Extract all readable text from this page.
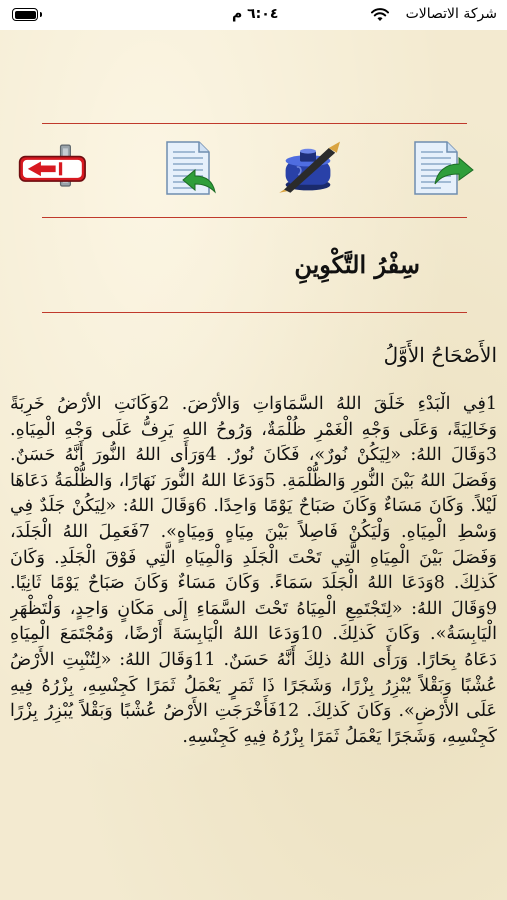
٦:٠٤ م	شركة الاتصالات
سِفْرُ التَّكْوِينِ
الأَصْحَاحُ الأَوَّلُ
1فِي الْبَدْءِ خَلَقَ اللهُ السَّمَاوَاتِ وَالأَرْضَ. 2وَكَانَتِ الأَرْضُ خَرِبَةً وَخَالِيَةً، وَعَلَى وَجْهِ الْغَمْرِ ظُلْمَةٌ، وَرُوحُ اللهِ يَرِفُّ عَلَى وَجْهِ الْمِيَاهِ. 3وَقَالَ اللهُ: «لِيَكُنْ نُورٌ»، فَكَانَ نُورٌ. 4وَرَأَى اللهُ النُّورَ أَنَّهُ حَسَنٌ. وَفَصَلَ اللهُ بَيْنَ النُّورِ وَالظُّلْمَةِ. 5وَدَعَا اللهُ النُّورَ نَهَارًا، وَالظُّلْمَةُ دَعَاهَا لَيْلاً. وَكَانَ مَسَاءٌ وَكَانَ صَبَاحٌ يَوْمًا وَاحِدًا. 6وَقَالَ اللهُ: «لِيَكُنْ جَلَدٌ فِي وَسْطِ الْمِيَاهِ. وَلْيَكُنْ فَاصِلاً بَيْنَ مِيَاهٍ وَمِيَاهٍ». 7فَعَمِلَ اللهُ الْجَلَدَ، وَفَصَلَ بَيْنَ الْمِيَاهِ الَّتِي تَحْتَ الْجَلَدِ وَالْمِيَاهِ الَّتِي فَوْقَ الْجَلَدِ. وَكَانَ كَذلِكَ. 8وَدَعَا اللهُ الْجَلَدَ سَمَاءً. وَكَانَ مَسَاءٌ وَكَانَ صَبَاحٌ يَوْمًا ثَانِيًا. 9وَقَالَ اللهُ: «لِتَجْتَمِعِ الْمِيَاهُ تَحْتَ السَّمَاءِ إِلَى مَكَانٍ وَاحِدٍ، وَلْتَظْهَرِ الْيَابِسَةُ». وَكَانَ كَذلِكَ. 10وَدَعَا اللهُ الْيَابِسَةَ أَرْضًا، وَمُجْتَمَعَ الْمِيَاهِ دَعَاهُ بِحَارًا. وَرَأَى اللهُ ذلِكَ أَنَّهُ حَسَنٌ. 11وَقَالَ اللهُ: «لِتُنْبِتِ الأَرْضُ عُشْبًا وَبَقْلاً يُبْزِرُ بِزْرًا، وَشَجَرًا ذَا ثَمَرٍ يَعْمَلُ ثَمَرًا كَجِنْسِهِ، بِزْرُهُ فِيهِ عَلَى الأَرْضِ». وَكَانَ كَذلِكَ. 12فَأَخْرَجَتِ الأَرْضُ عُشْبًا وَبَقْلاً يُبْزِرُ بِزْرًا كَجِنْسِهِ، وَشَجَرًا يَعْمَلُ ثَمَرًا بِزْرُهُ فِيهِ كَجِنْسِهِ.
